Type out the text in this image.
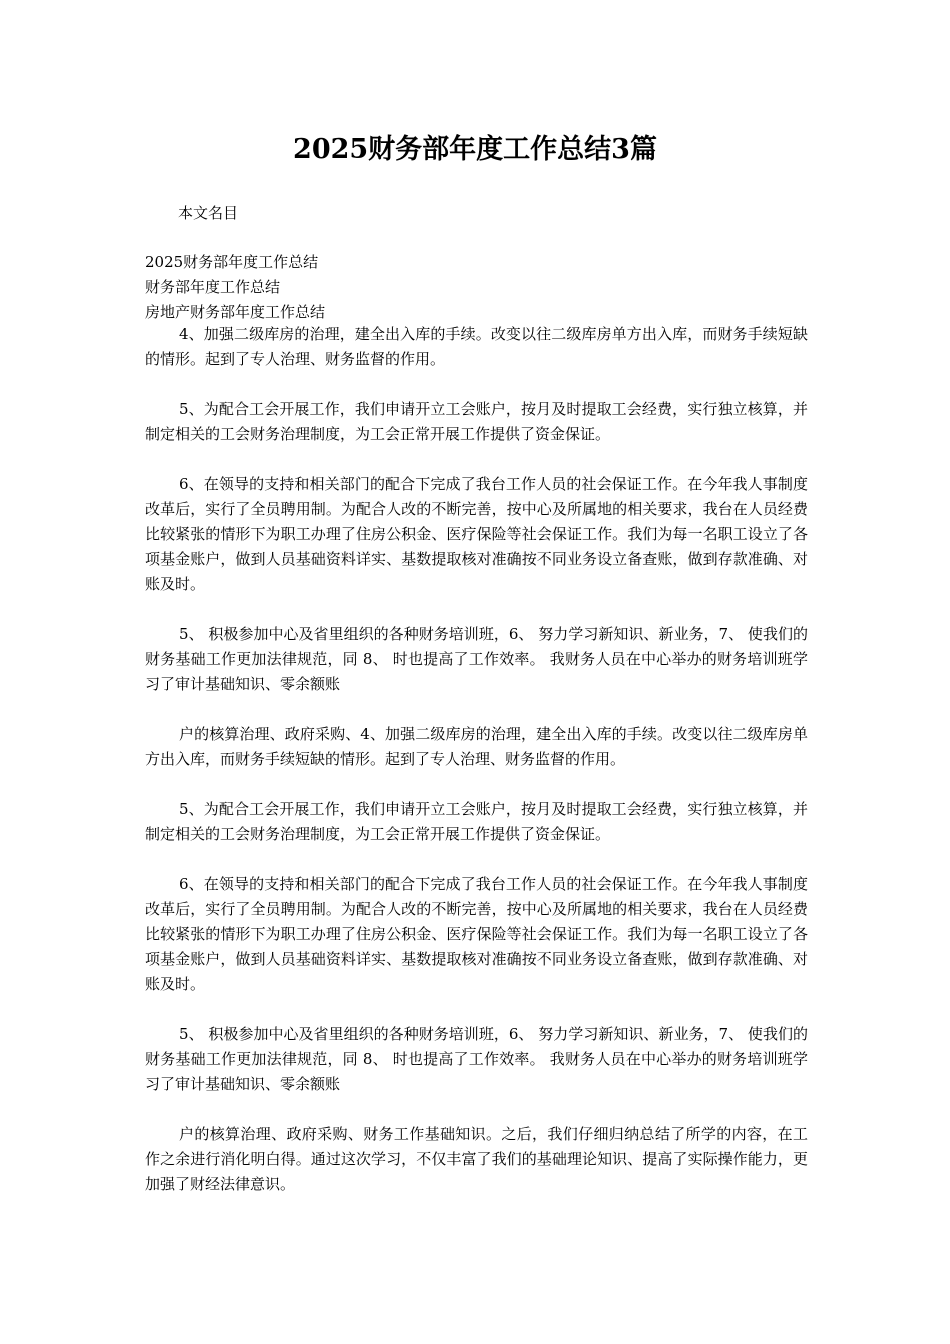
2025财务部年度工作总结3篇
本文名目
2025财务部年度工作总结
财务部年度工作总结
房地产财务部年度工作总结

4、加强二级库房的治理，建全出入库的手续。改变以往二级库房单方出入库，而财务手续短缺的情形。起到了专人治理、财务监督的作用。

5、为配合工会开展工作，我们申请开立工会账户，按月及时提取工会经费，实行独立核算，并制定相关的工会财务治理制度，为工会正常开展工作提供了资金保证。

6、在领导的支持和相关部门的配合下完成了我台工作人员的社会保证工作。在今年我人事制度改革后，实行了全员聘用制。为配合人改的不断完善，按中心及所属地的相关要求，我台在人员经费比较紧张的情形下为职工办理了住房公积金、医疗保险等社会保证工作。我们为每一名职工设立了各项基金账户，做到人员基础资料详实、基数提取核对准确按不同业务设立备查账，做到存款准确、对账及时。

5、 积极参加中心及省里组织的各种财务培训班，6、 努力学习新知识、新业务，7、 使我们的财务基础工作更加法律规范，同 8、 时也提高了工作效率。 我财务人员在中心举办的财务培训班学习了审计基础知识、零余额账

户的核算治理、政府采购、4、加强二级库房的治理，建全出入库的手续。改变以往二级库房单方出入库，而财务手续短缺的情形。起到了专人治理、财务监督的作用。

5、为配合工会开展工作，我们申请开立工会账户，按月及时提取工会经费，实行独立核算，并制定相关的工会财务治理制度，为工会正常开展工作提供了资金保证。

6、在领导的支持和相关部门的配合下完成了我台工作人员的社会保证工作。在今年我人事制度改革后，实行了全员聘用制。为配合人改的不断完善，按中心及所属地的相关要求，我台在人员经费比较紧张的情形下为职工办理了住房公积金、医疗保险等社会保证工作。我们为每一名职工设立了各项基金账户，做到人员基础资料详实、基数提取核对准确按不同业务设立备查账，做到存款准确、对账及时。

5、 积极参加中心及省里组织的各种财务培训班，6、 努力学习新知识、新业务，7、 使我们的财务基础工作更加法律规范，同 8、 时也提高了工作效率。 我财务人员在中心举办的财务培训班学习了审计基础知识、零余额账

户的核算治理、政府采购、财务工作基础知识。之后，我们仔细归纳总结了所学的内容，在工作之余进行消化明白得。通过这次学习，不仅丰富了我们的基础理论知识、提高了实际操作能力，更加强了财经法律意识。
